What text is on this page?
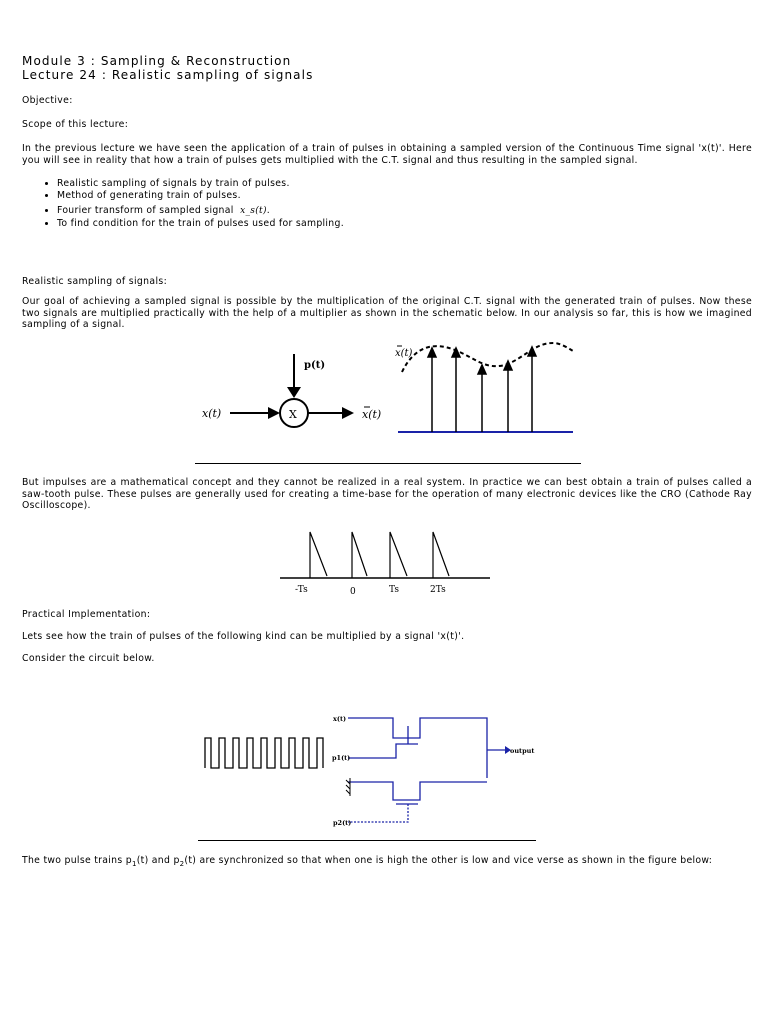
Module 3 : Sampling & Reconstruction
Lecture 24 : Realistic sampling of signals
Objective:
Scope of this lecture:
In the previous lecture we have seen the application of a train of pulses in obtaining a sampled version of the Continuous Time signal 'x(t)'. Here you will see in reality that how a train of pulses gets multiplied with the C.T. signal and thus resulting in the sampled signal.
• Realistic sampling of signals by train of pulses.
• Method of generating train of pulses.
• Fourier transform of sampled signal x_s(t).
• To find condition for the train of pulses used for sampling.
Realistic sampling of signals:
Our goal of achieving a sampled signal is possible by the multiplication of the original C.T. signal with the generated train of pulses. Now these two signals are multiplied practically with the help of a multiplier as shown in the schematic below. In our analysis so far, this is how we imagined sampling of a signal.
x(t)	X
p(t)
x(t)
x(t)
But impulses are a mathematical concept and they cannot be realized in a real system. In practice we can best obtain a train of pulses called a saw-tooth pulse. These pulses are generally used for creating a time-base for the operation of many electronic devices like the CRO (Cathode Ray Oscilloscope).
-Ts	0	Ts	2Ts
Practical Implementation:
Lets see how the train of pulses of the following kind can be multiplied by a signal 'x(t)'.
Consider the circuit below.
x(t)
p1(t)
p2(t)
output
The two pulse trains $p_1(t)$ and $p_2(t)$ are synchronized so that when one is high the other is low and vice verse as shown in the figure below:
